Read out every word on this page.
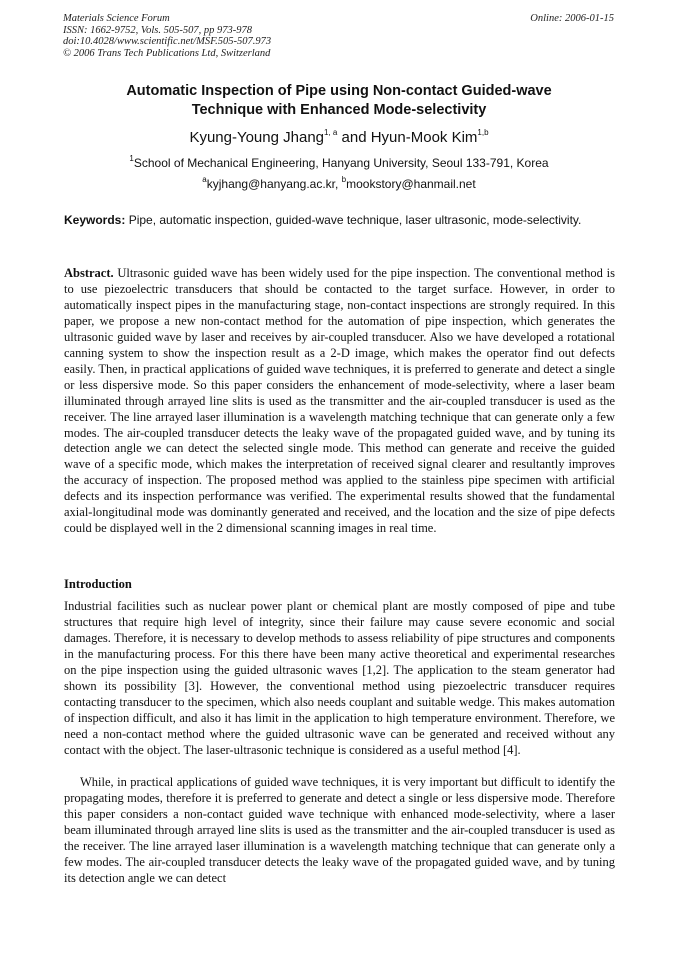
Materials Science Forum
ISSN: 1662-9752, Vols. 505-507, pp 973-978
doi:10.4028/www.scientific.net/MSF.505-507.973
© 2006 Trans Tech Publications Ltd, Switzerland
Online: 2006-01-15
Automatic Inspection of Pipe using Non-contact Guided-wave
Technique with Enhanced Mode-selectivity
Kyung-Young Jhang$^{1, a}$ and Hyun-Mook Kim$^{1,b}$
$^1$School of Mechanical Engineering, Hanyang University, Seoul 133-791, Korea
$^a$kyjhang@hanyang.ac.kr, $^b$mookstory@hanmail.net
Keywords: Pipe, automatic inspection, guided-wave technique, laser ultrasonic, mode-selectivity.
Abstract. Ultrasonic guided wave has been widely used for the pipe inspection. The conventional method is to use piezoelectric transducers that should be contacted to the target surface. However, in order to automatically inspect pipes in the manufacturing stage, non-contact inspections are strongly required. In this paper, we propose a new non-contact method for the automation of pipe inspection, which generates the ultrasonic guided wave by laser and receives by air-coupled transducer. Also we have developed a rotational canning system to show the inspection result as a 2-D image, which makes the operator find out defects easily. Then, in practical applications of guided wave techniques, it is preferred to generate and detect a single or less dispersive mode. So this paper considers the enhancement of mode-selectivity, where a laser beam illuminated through arrayed line slits is used as the transmitter and the air-coupled transducer is used as the receiver. The line arrayed laser illumination is a wavelength matching technique that can generate only a few modes. The air-coupled transducer detects the leaky wave of the propagated guided wave, and by tuning its detection angle we can detect the selected single mode. This method can generate and receive the guided wave of a specific mode, which makes the interpretation of received signal clearer and resultantly improves the accuracy of inspection. The proposed method was applied to the stainless pipe specimen with artificial defects and its inspection performance was verified. The experimental results showed that the fundamental axial-longitudinal mode was dominantly generated and received, and the location and the size of pipe defects could be displayed well in the 2 dimensional scanning images in real time.
Introduction
Industrial facilities such as nuclear power plant or chemical plant are mostly composed of pipe and tube structures that require high level of integrity, since their failure may cause severe economic and social damages. Therefore, it is necessary to develop methods to assess reliability of pipe structures and components in the manufacturing process. For this there have been many active theoretical and experimental researches on the pipe inspection using the guided ultrasonic waves [1,2]. The application to the steam generator had shown its possibility [3]. However, the conventional method using piezoelectric transducer requires contacting transducer to the specimen, which also needs couplant and suitable wedge. This makes automation of inspection difficult, and also it has limit in the application to high temperature environment. Therefore, we need a non-contact method where the guided ultrasonic wave can be generated and received without any contact with the object. The laser-ultrasonic technique is considered as a useful method [4].
While, in practical applications of guided wave techniques, it is very important but difficult to identify the propagating modes, therefore it is preferred to generate and detect a single or less dispersive mode. Therefore this paper considers a non-contact guided wave technique with enhanced mode-selectivity, where a laser beam illuminated through arrayed line slits is used as the transmitter and the air-coupled transducer is used as the receiver. The line arrayed laser illumination is a wavelength matching technique that can generate only a few modes. The air-coupled transducer detects the leaky wave of the propagated guided wave, and by tuning its detection angle we can detect
